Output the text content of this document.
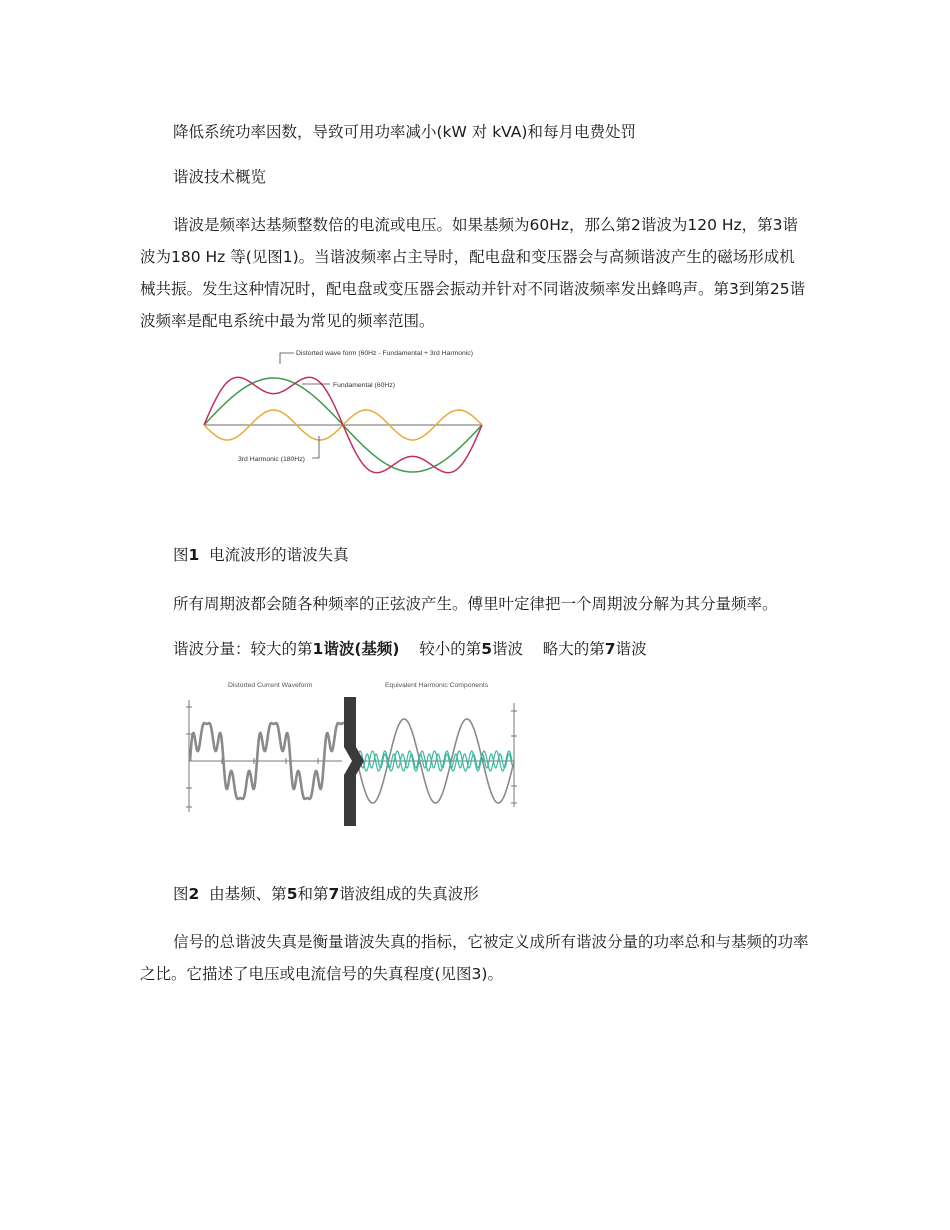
降低系统功率因数，导致可用功率减小(kW 对 kVA)和每月电费处罚

谐波技术概览

谐波是频率达基频整数倍的电流或电压。如果基频为60Hz，那么第2谐波为120 Hz，第3谐波为180 Hz 等(见图1)。当谐波频率占主导时，配电盘和变压器会与高频谐波产生的磁场形成机械共振。发生这种情况时，配电盘或变压器会振动并针对不同谐波频率发出蜂鸣声。第3到第25谐波频率是配电系统中最为常见的频率范围。

Distorted wave form (60Hz - Fundamental + 3rd Harmonic)
Fundamental (60Hz)
3rd Harmonic (180Hz)

图1 电流波形的谐波失真

所有周期波都会随各种频率的正弦波产生。傅里叶定律把一个周期波分解为其分量频率。

谐波分量：较大的第1谐波(基频) 较小的第5谐波 略大的第7谐波

Distorted Current Waveform	Equivalent Harmonic Components

图2 由基频、第5和第7谐波组成的失真波形

信号的总谐波失真是衡量谐波失真的指标，它被定义成所有谐波分量的功率总和与基频的功率之比。它描述了电压或电流信号的失真程度(见图3)。
